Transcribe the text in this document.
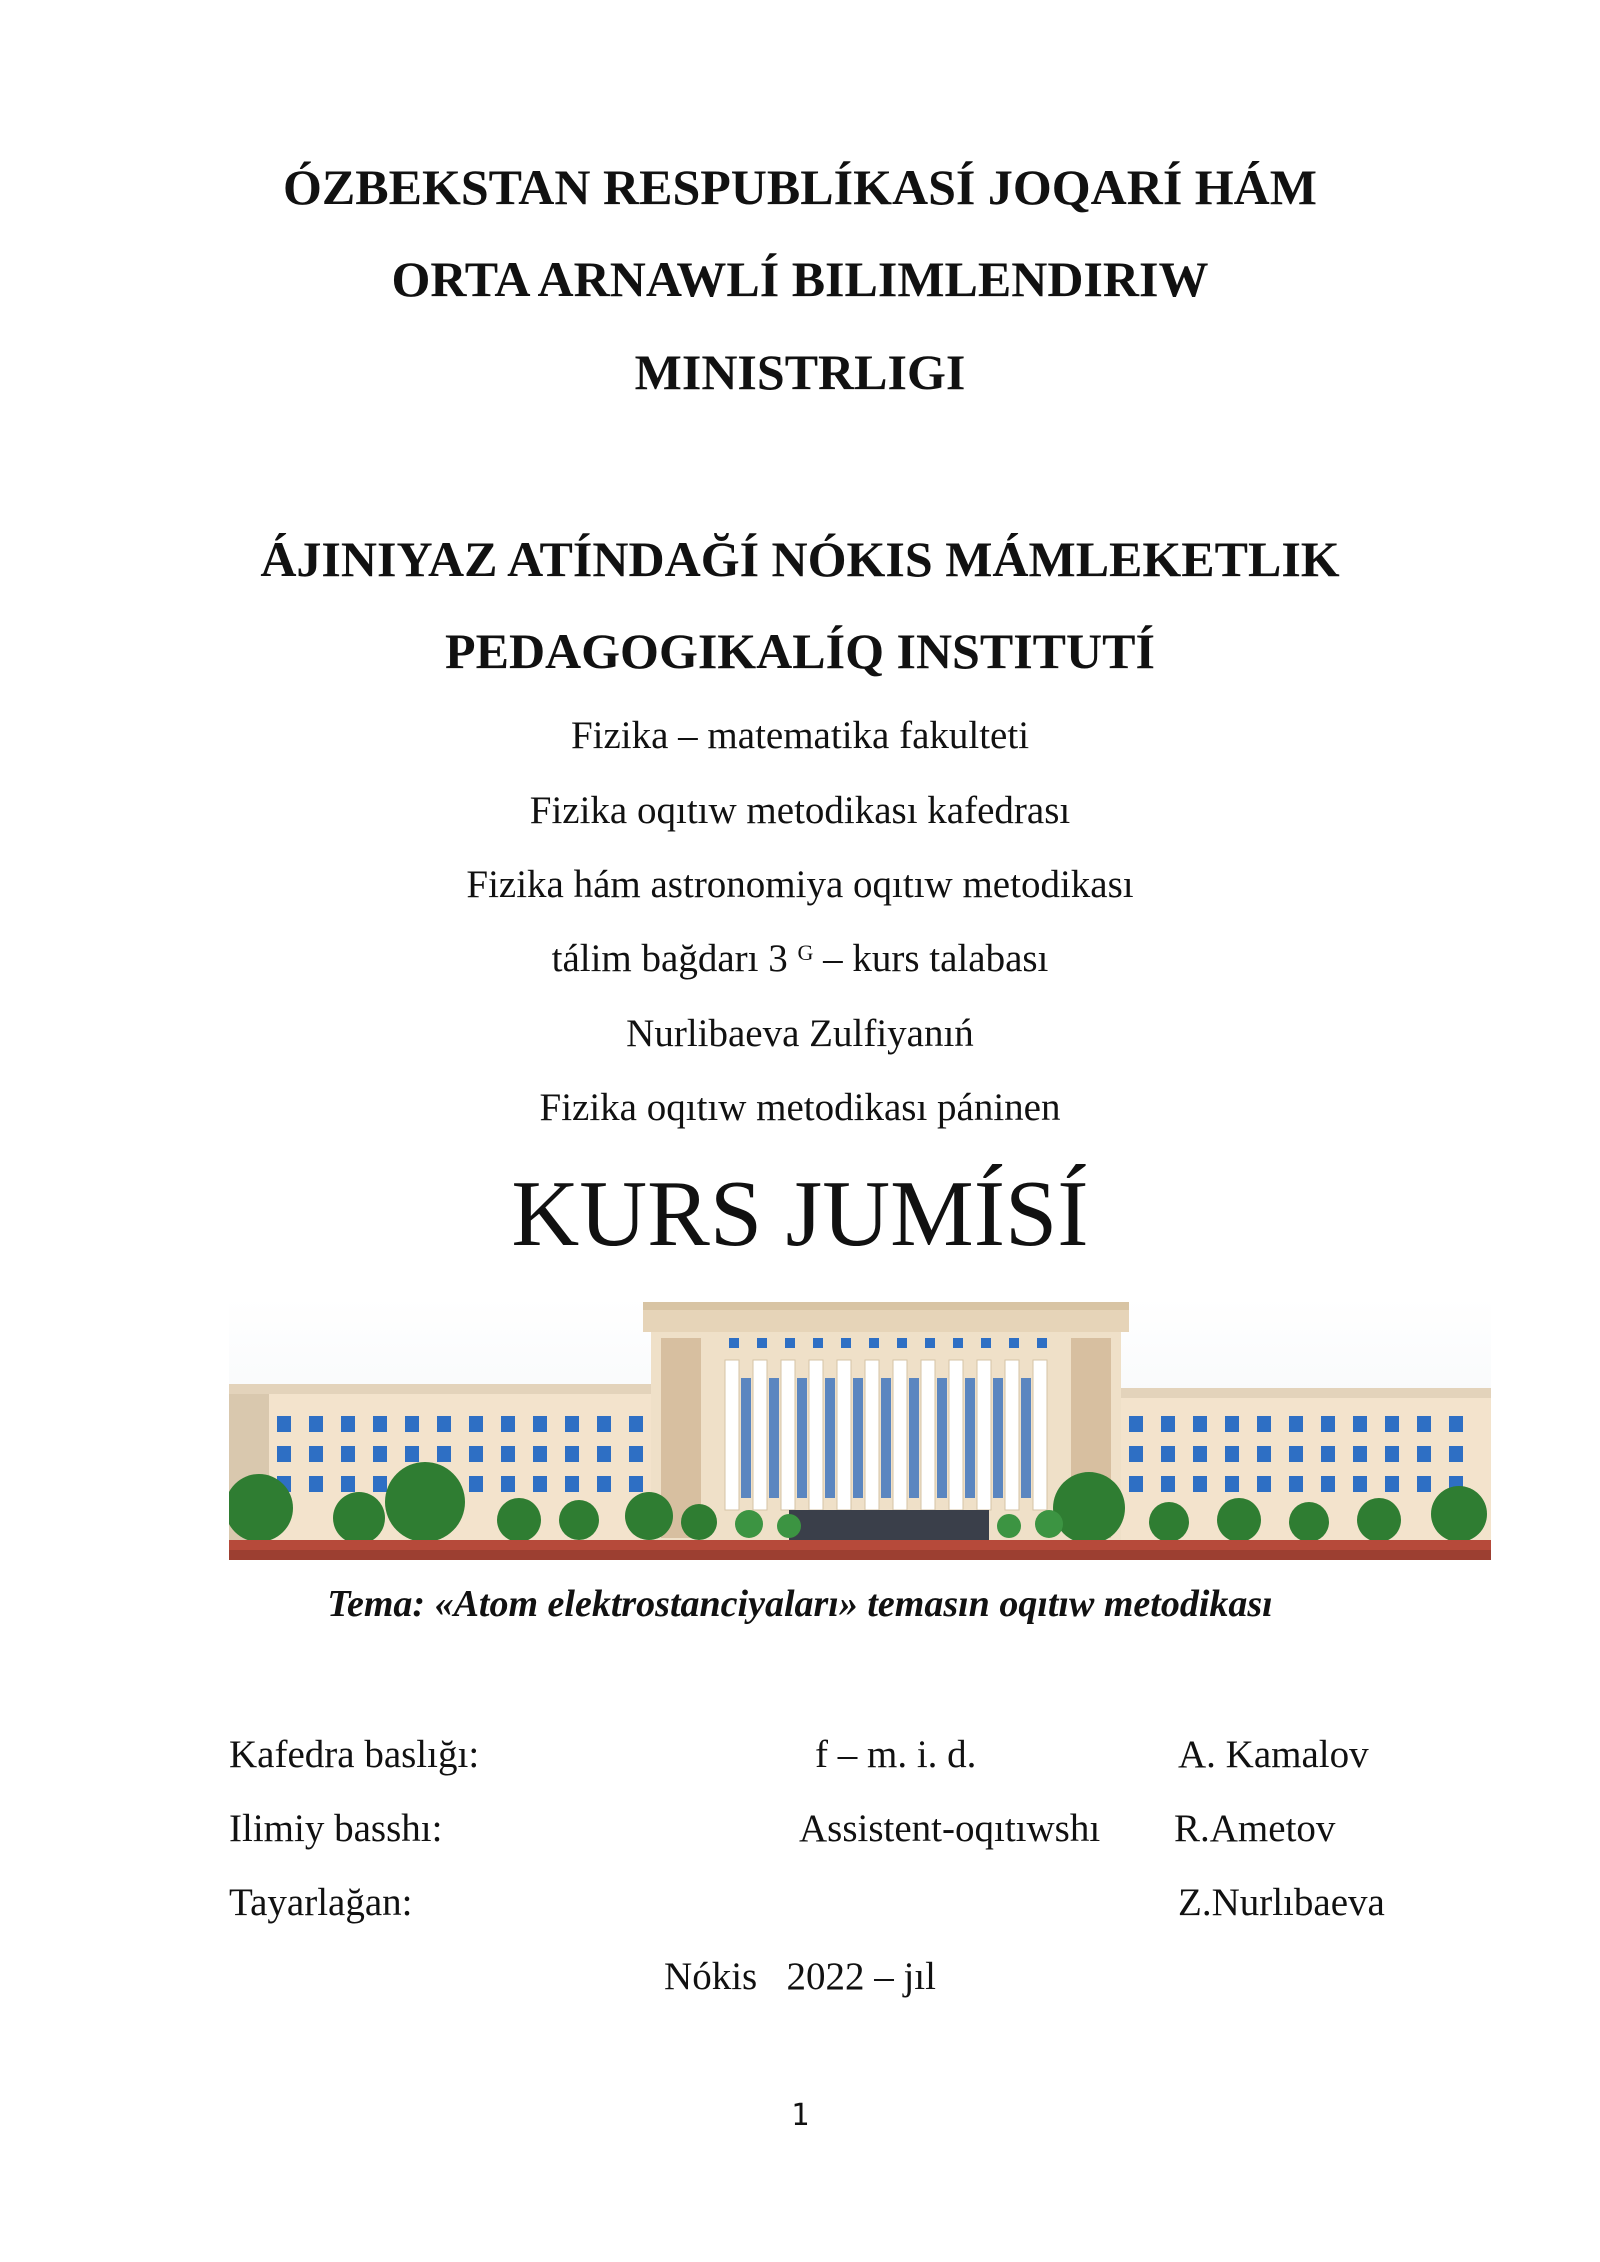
ÓZBEKSTAN RESPUBLÍKASÍ JOQARÍ HÁM
ORTA ARNAWLÍ BILIMLENDIRIW
MINISTRLIGI
ÁJINIYAZ ATÍNDAĞÍ NÓKIS MÁMLEKETLIK
PEDAGOGIKALÍQ INSTITUTÍ
Fizika – matematika fakulteti
Fizika oqıtıw metodikası kafedrası
Fizika hám astronomiya oqıtıw metodikası
tálim bağdarı 3 $^G$ – kurs talabası
Nurlibaeva Zulfiyanıń
Fizika oqıtıw metodikası páninen
KURS JUMÍSÍ
Tema: «Atom elektrostanciyaları» temasın oqıtıw metodikası
Kafedra baslığı:	f – m. i. d.	A. Kamalov
Ilimiy basshı:	Assistent-oqıtıwshı R.Ametov
Tayarlağan:	Z.Nurlıbaeva
Nókis   2022 – jıl
1
